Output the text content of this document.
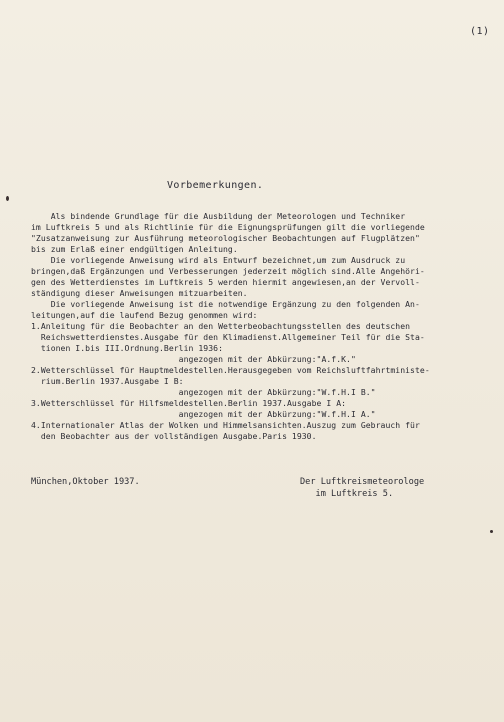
(1)
Vorbemerkungen.
Als bindende Grundlage für die Ausbildung der Meteorologen und Techniker
im Luftkreis 5 und als Richtlinie für die Eignungsprüfungen gilt die vorliegende
"Zusatzanweisung zur Ausführung meteorologischer Beobachtungen auf Flugplätzen"
bis zum Erlaß einer endgültigen Anleitung.
Die vorliegende Anweisung wird als Entwurf bezeichnet,um zum Ausdruck zu
bringen,daß Ergänzungen und Verbesserungen jederzeit möglich sind.Alle Angehöri-
gen des Wetterdienstes im Luftkreis 5 werden hiermit angewiesen,an der Vervoll-
ständigung dieser Anweisungen mitzuarbeiten.
Die vorliegende Anweisung ist die notwendige Ergänzung zu den folgenden An-
leitungen,auf die laufend Bezug genommen wird:
1.Anleitung für die Beobachter an den Wetterbeobachtungsstellen des deutschen
Reichswetterdienstes.Ausgabe für den Klimadienst.Allgemeiner Teil für die Sta-
tionen I.bis III.Ordnung.Berlin 1936:
angezogen mit der Abkürzung:"A.f.K."
2.Wetterschlüssel für Hauptmeldestellen.Herausgegeben vom Reichsluftfahrtministe-
rium.Berlin 1937.Ausgabe I B:
angezogen mit der Abkürzung:"W.f.H.I B."
3.Wetterschlüssel für Hilfsmeldestellen.Berlin 1937.Ausgabe I A:
angezogen mit der Abkürzung:"W.f.H.I A."
4.Internationaler Atlas der Wolken und Himmelsansichten.Auszug zum Gebrauch für
den Beobachter aus der vollständigen Ausgabe.Paris 1930.
München,Oktober 1937.	Der Luftkreismeteorologe
im Luftkreis 5.
